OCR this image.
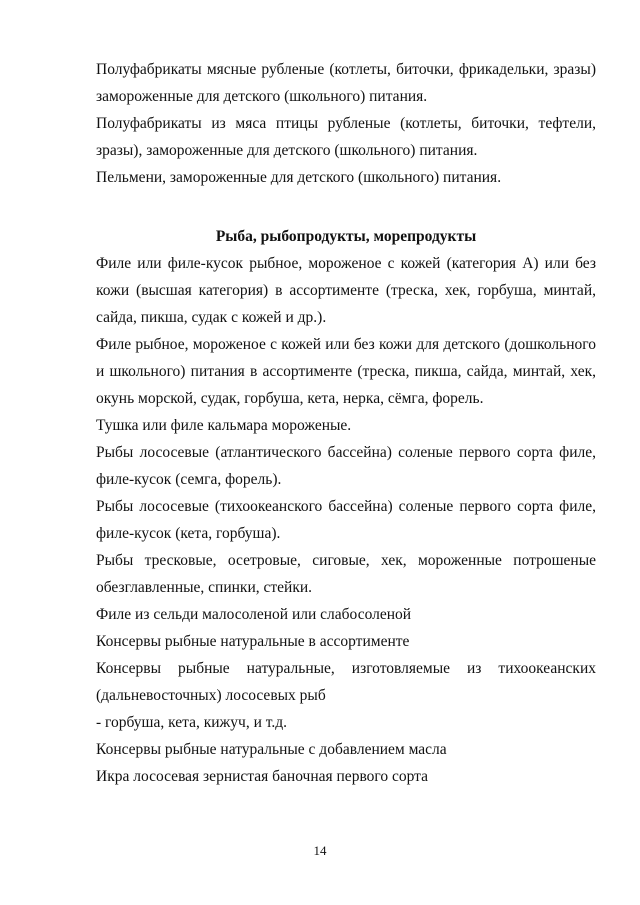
Полуфабрикаты мясные рубленые (котлеты, биточки, фрикадельки, зразы) замороженные для детского (школьного) питания.

Полуфабрикаты из мяса птицы рубленые (котлеты, биточки, тефтели, зразы), замороженные для детского (школьного) питания.

Пельмени, замороженные для детского (школьного) питания.

Рыба, рыбопродукты, морепродукты

Филе или филе-кусок рыбное, мороженое с кожей (категория А) или без кожи (высшая категория) в ассортименте (треска, хек, горбуша, минтай, сайда, пикша, судак с кожей и др.).

Филе рыбное, мороженое с кожей или без кожи для детского (дошкольного и школьного) питания в ассортименте (треска, пикша, сайда, минтай, хек, окунь морской, судак, горбуша, кета, нерка, сёмга, форель.

Тушка или филе кальмара мороженые.

Рыбы лососевые (атлантического бассейна) соленые первого сорта филе, филе-кусок (семга, форель).

Рыбы лососевые (тихоокеанского бассейна) соленые первого сорта филе, филе-кусок (кета, горбуша).

Рыбы тресковые, осетровые, сиговые, хек, мороженные потрошеные обезглавленные, спинки, стейки.

Филе из сельди малосоленой или слабосоленой

Консервы рыбные натуральные в ассортименте

Консервы рыбные натуральные, изготовляемые из тихоокеанских (дальневосточных) лососевых рыб

- горбуша, кета, кижуч, и т.д.

Консервы рыбные натуральные с добавлением масла

Икра лососевая зернистая баночная первого сорта

14
